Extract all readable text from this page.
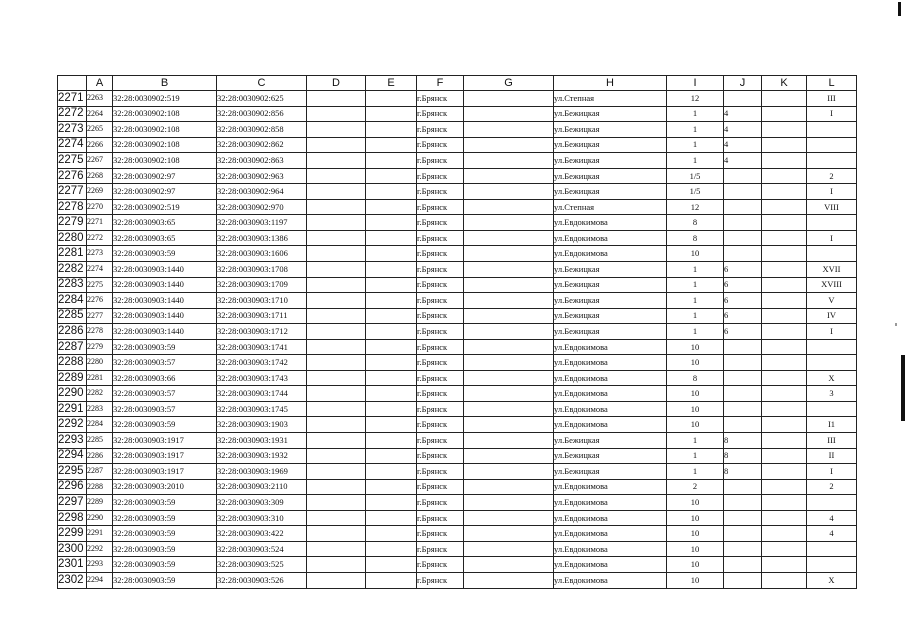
	A	B	C	D	E	F	G	H	I	J	K	L
2271	2263	32:28:0030902:519	32:28:0030902:625			г.Брянск		ул.Степная	12			III
2272	2264	32:28:0030902:108	32:28:0030902:856			г.Брянск		ул.Бежицкая	1	4		I
2273	2265	32:28:0030902:108	32:28:0030902:858			г.Брянск		ул.Бежицкая	1	4		
2274	2266	32:28:0030902:108	32:28:0030902:862			г.Брянск		ул.Бежицкая	1	4		
2275	2267	32:28:0030902:108	32:28:0030902:863			г.Брянск		ул.Бежицкая	1	4		
2276	2268	32:28:0030902:97	32:28:0030902:963			г.Брянск		ул.Бежицкая	1/5			2
2277	2269	32:28:0030902:97	32:28:0030902:964			г.Брянск		ул.Бежицкая	1/5			I
2278	2270	32:28:0030902:519	32:28:0030902:970			г.Брянск		ул.Степная	12			VIII
2279	2271	32:28:0030903:65	32:28:0030903:1197			г.Брянск		ул.Евдокимова	8			
2280	2272	32:28:0030903:65	32:28:0030903:1386			г.Брянск		ул.Евдокимова	8			I
2281	2273	32:28:0030903:59	32:28:0030903:1606			г.Брянск		ул.Евдокимова	10			
2282	2274	32:28:0030903:1440	32:28:0030903:1708			г.Брянск		ул.Бежицкая	1	6		XVII
2283	2275	32:28:0030903:1440	32:28:0030903:1709			г.Брянск		ул.Бежицкая	1	6		XVIII
2284	2276	32:28:0030903:1440	32:28:0030903:1710			г.Брянск		ул.Бежицкая	1	6		V
2285	2277	32:28:0030903:1440	32:28:0030903:1711			г.Брянск		ул.Бежицкая	1	6		IV
2286	2278	32:28:0030903:1440	32:28:0030903:1712			г.Брянск		ул.Бежицкая	1	6		I
2287	2279	32:28:0030903:59	32:28:0030903:1741			г.Брянск		ул.Евдокимова	10			
2288	2280	32:28:0030903:57	32:28:0030903:1742			г.Брянск		ул.Евдокимова	10			
2289	2281	32:28:0030903:66	32:28:0030903:1743			г.Брянск		ул.Евдокимова	8			X
2290	2282	32:28:0030903:57	32:28:0030903:1744			г.Брянск		ул.Евдокимова	10			3
2291	2283	32:28:0030903:57	32:28:0030903:1745			г.Брянск		ул.Евдокимова	10			
2292	2284	32:28:0030903:59	32:28:0030903:1903			г.Брянск		ул.Евдокимова	10			I1
2293	2285	32:28:0030903:1917	32:28:0030903:1931			г.Брянск		ул.Бежицкая	1	8		III
2294	2286	32:28:0030903:1917	32:28:0030903:1932			г.Брянск		ул.Бежицкая	1	8		II
2295	2287	32:28:0030903:1917	32:28:0030903:1969			г.Брянск		ул.Бежицкая	1	8		I
2296	2288	32:28:0030903:2010	32:28:0030903:2110			г.Брянск		ул.Евдокимова	2			2
2297	2289	32:28:0030903:59	32:28:0030903:309			г.Брянск		ул.Евдокимова	10			
2298	2290	32:28:0030903:59	32:28:0030903:310			г.Брянск		ул.Евдокимова	10			4
2299	2291	32:28:0030903:59	32:28:0030903:422			г.Брянск		ул.Евдокимова	10			4
2300	2292	32:28:0030903:59	32:28:0030903:524			г.Брянск		ул.Евдокимова	10			
2301	2293	32:28:0030903:59	32:28:0030903:525			г.Брянск		ул.Евдокимова	10			
2302	2294	32:28:0030903:59	32:28:0030903:526			г.Брянск		ул.Евдокимова	10			X
